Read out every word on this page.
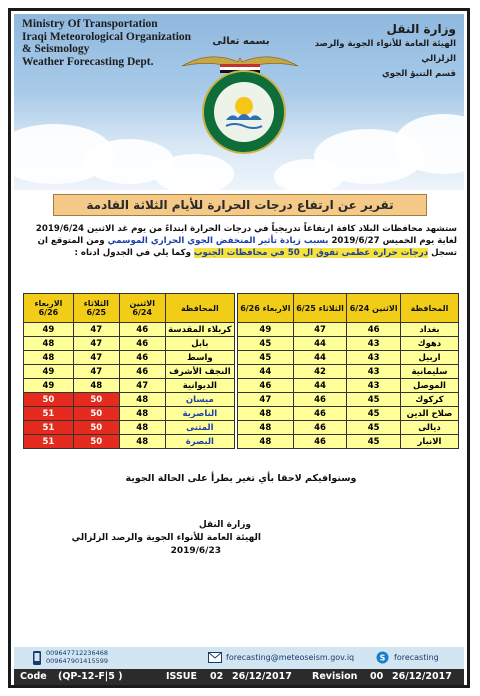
Ministry Of Transportation
Iraqi Meteorological Organization
& Seismology
Weather Forecasting Dept.
وزارة النقل
الهيئة العامة للأنواء الجوية والرصد الزلزالي
قسم التنبؤ الجوي
بسمه تعالى
تقرير عن ارتفاع درجات الحرارة للأيام الثلاثة القادمة
ستشهد محافظات البلاد كافة ارتفاعاً تدريجياً في درجات الحرارة ابتداءً من يوم غد الاثنين 2019/6/24 لغاية يوم الخميس 2019/6/27 بسبب زيادة تأثير المنخفض الجوي الحراري الموسمي ومن المتوقع ان تسجل درجات حرارة عظمى تفوق ال 50 في محافظات الجنوب وكما يلي في الجدول ادناه :
المحافظة	الاثنين 6/24	الثلاثاء 6/25	الاربعاء 6/26
بغداد	46	47	49
دهوك	43	44	45
اربيل	43	44	45
سليمانية	43	42	44
الموصل	43	44	46
كركوك	45	46	47
صلاح الدين	45	46	48
ديالى	45	46	48
الانبار	45	46	48
المحافظة	الاثنين 6/24	الثلاثاء 6/25	الاربعاء 6/26
كربلاء المقدسة	46	47	49
بابل	46	47	48
واسط	46	47	48
النجف الأشرف	46	47	49
الديوانية	47	48	49
ميسان	48	50	50
الناصرية	48	50	51
المثنى	48	50	51
البصرة	48	50	51
وسنوافيكم لاحقا بأي تغير يطرأ على الحالة الجوية
وزارة النقل
الهيئة العامة للأنواء الجوية والرصد الزلزالي
2019/6/23
009647712236468
009647901415599	forecasting@meteoseism.gov.iq	S forecasting
Code (QP-12-F|5 )	ISSUE 02 26/12/2017 Revision 00 26/12/2017
